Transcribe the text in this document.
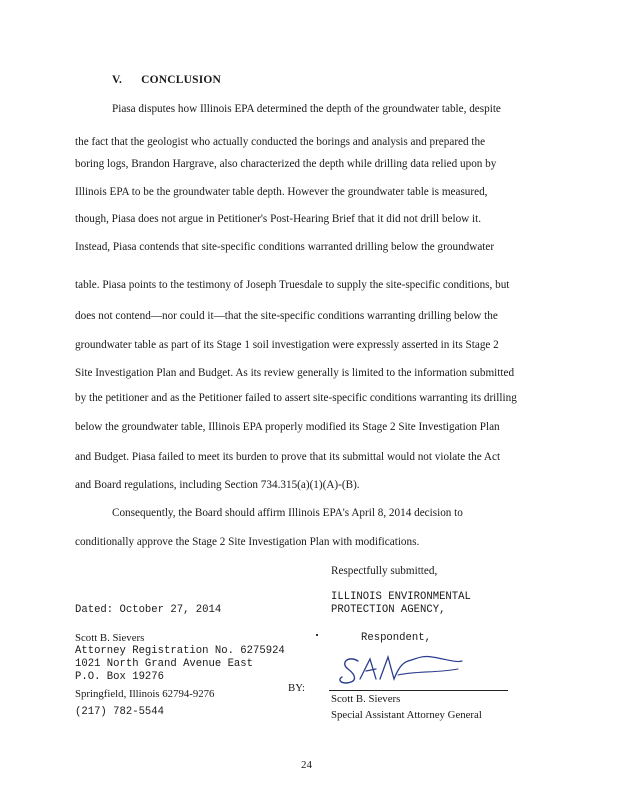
V. CONCLUSION

Piasa disputes how Illinois EPA determined the depth of the groundwater table, despite

the fact that the geologist who actually conducted the borings and analysis and prepared the

boring logs, Brandon Hargrave, also characterized the depth while drilling data relied upon by

Illinois EPA to be the groundwater table depth. However the groundwater table is measured,

though, Piasa does not argue in Petitioner's Post-Hearing Brief that it did not drill below it.

Instead, Piasa contends that site-specific conditions warranted drilling below the groundwater

table. Piasa points to the testimony of Joseph Truesdale to supply the site-specific conditions, but

does not contend—nor could it—that the site-specific conditions warranting drilling below the

groundwater table as part of its Stage 1 soil investigation were expressly asserted in its Stage 2

Site Investigation Plan and Budget. As its review generally is limited to the information submitted

by the petitioner and as the Petitioner failed to assert site-specific conditions warranting its drilling

below the groundwater table, Illinois EPA properly modified its Stage 2 Site Investigation Plan

and Budget. Piasa failed to meet its burden to prove that its submittal would not violate the Act

and Board regulations, including Section 734.315(a)(1)(A)-(B).

Consequently, the Board should affirm Illinois EPA's April 8, 2014 decision to

conditionally approve the Stage 2 Site Investigation Plan with modifications.

Respectfully submitted,
ILLINOIS ENVIRONMENTAL
PROTECTION AGENCY,
Dated: October 27, 2014
Respondent,
Scott B. Sievers
Attorney Registration No. 6275924
1021 North Grand Avenue East
P.O. Box 19276
Springfield, Illinois 62794-9276
(217) 782-5544
BY:
Scott B. Sievers
Special Assistant Attorney General
24
